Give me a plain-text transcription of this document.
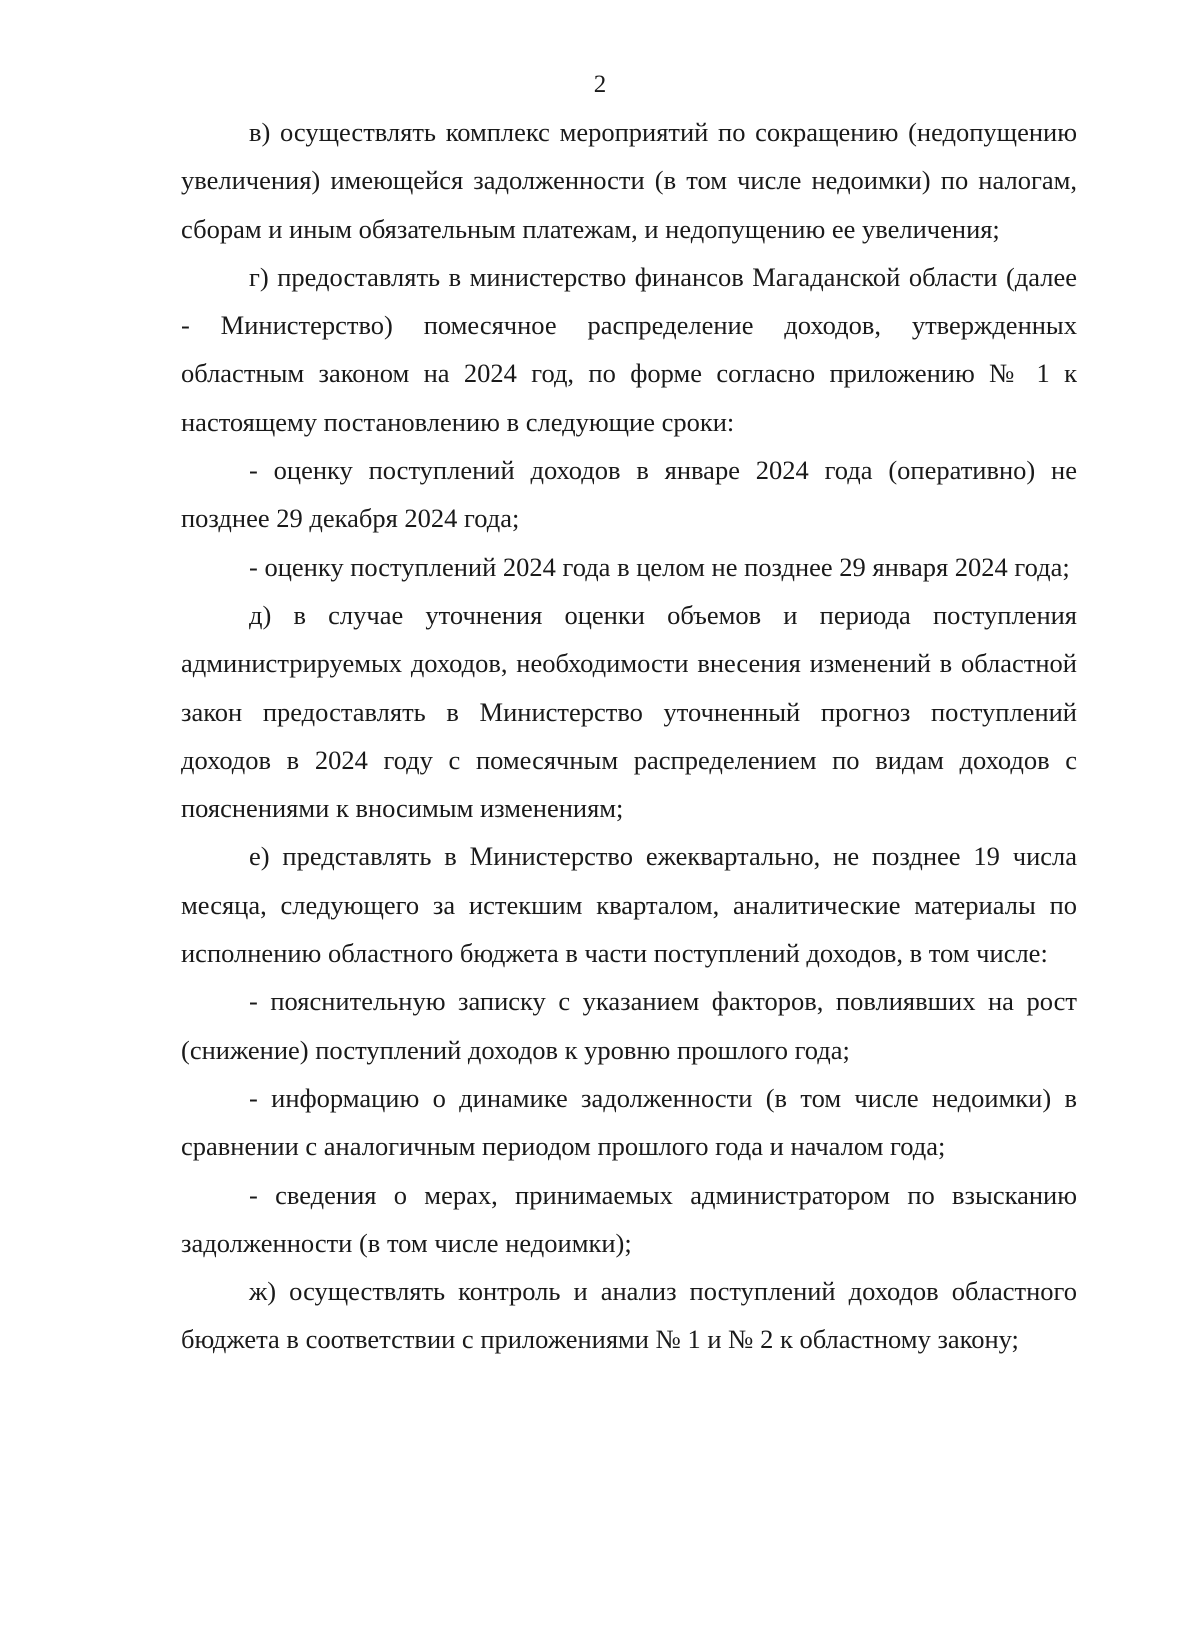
2

в) осуществлять комплекс мероприятий по сокращению (недопущению увеличения) имеющейся задолженности (в том числе недоимки) по налогам, сборам и иным обязательным платежам, и недопущению ее увеличения;

г) предоставлять в министерство финансов Магаданской области (далее - Министерство) помесячное распределение доходов, утвержденных областным законом на 2024 год, по форме согласно приложению № 1 к настоящему постановлению в следующие сроки:

- оценку поступлений доходов в январе 2024 года (оперативно) не позднее 29 декабря 2024 года;

- оценку поступлений 2024 года в целом не позднее 29 января 2024 года;

д) в случае уточнения оценки объемов и периода поступления администрируемых доходов, необходимости внесения изменений в областной закон предоставлять в Министерство уточненный прогноз поступлений доходов в 2024 году с помесячным распределением по видам доходов с пояснениями к вносимым изменениям;

е) представлять в Министерство ежеквартально, не позднее 19 числа месяца, следующего за истекшим кварталом, аналитические материалы по исполнению областного бюджета в части поступлений доходов, в том числе:

- пояснительную записку с указанием факторов, повлиявших на рост (снижение) поступлений доходов к уровню прошлого года;

- информацию о динамике задолженности (в том числе недоимки) в сравнении с аналогичным периодом прошлого года и началом года;

- сведения о мерах, принимаемых администратором по взысканию задолженности (в том числе недоимки);

ж) осуществлять контроль и анализ поступлений доходов областного бюджета в соответствии с приложениями № 1 и № 2 к областному закону;
